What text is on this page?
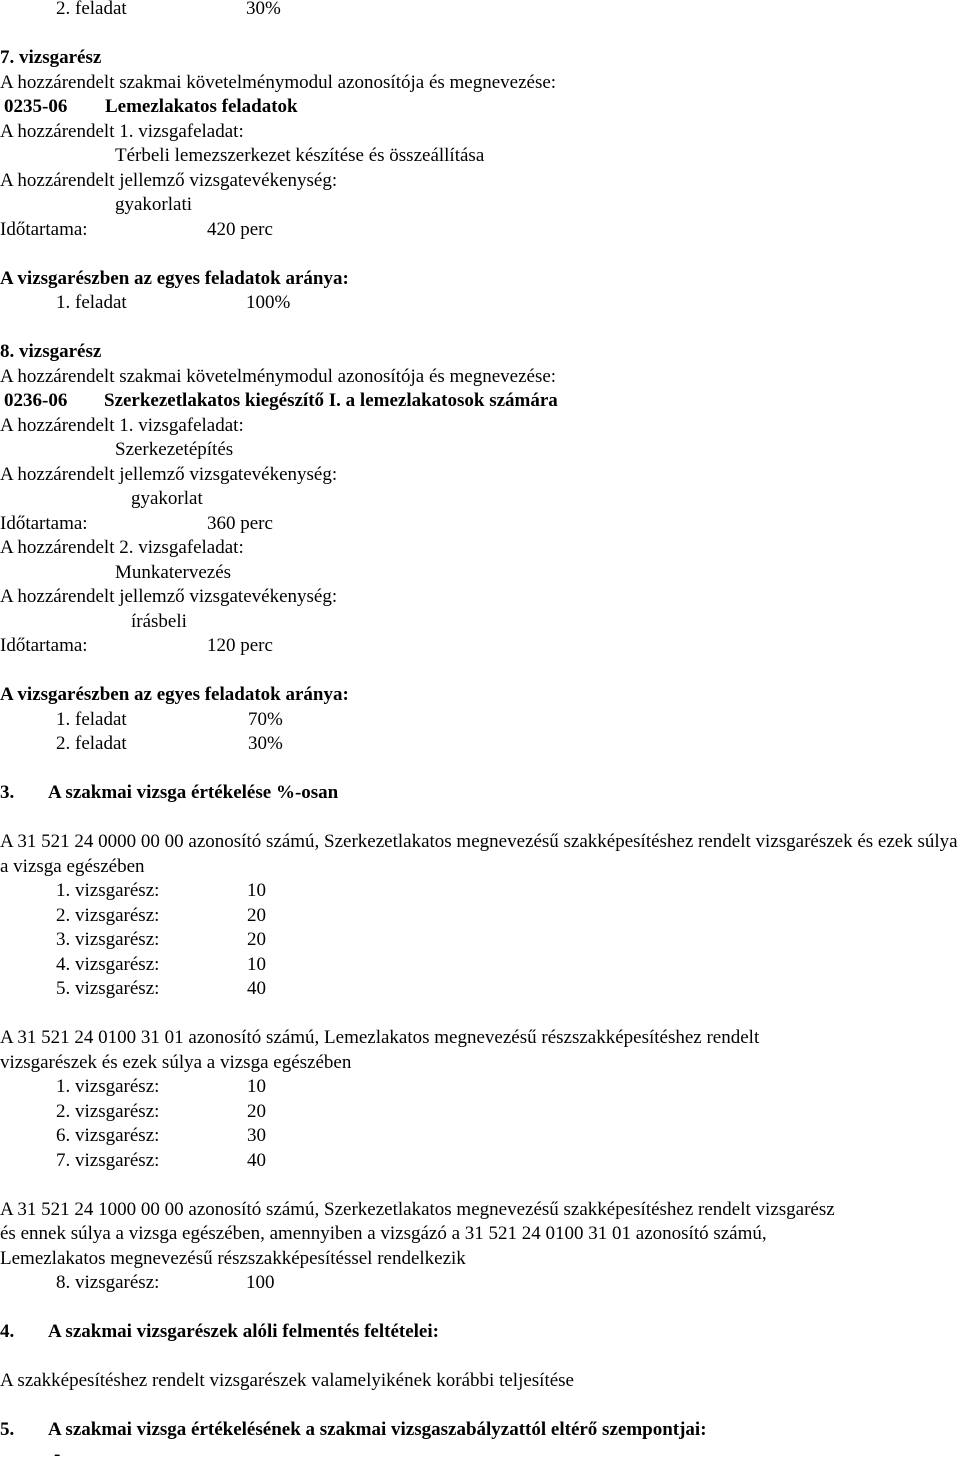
2. feladat	30%
7. vizsgarész
A hozzárendelt szakmai követelménymodul azonosítója és megnevezése:
0235-06 Lemezlakatos feladatok
A hozzárendelt 1. vizsgafeladat:
Térbeli lemezszerkezet készítése és összeállítása
A hozzárendelt jellemző vizsgatevékenység:
gyakorlati
Időtartama:	420 perc
A vizsgarészben az egyes feladatok aránya:
1. feladat	100%
8. vizsgarész
A hozzárendelt szakmai követelménymodul azonosítója és megnevezése:
0236-06 Szerkezetlakatos kiegészítő I. a lemezlakatosok számára
A hozzárendelt 1. vizsgafeladat:
Szerkezetépítés
A hozzárendelt jellemző vizsgatevékenység:
gyakorlat
Időtartama:	360 perc
A hozzárendelt 2. vizsgafeladat:
Munkatervezés
A hozzárendelt jellemző vizsgatevékenység:
írásbeli
Időtartama:	120 perc
A vizsgarészben az egyes feladatok aránya:
1. feladat	70%
2. feladat	30%
3. A szakmai vizsga értékelése %-osan
A 31 521 24 0000 00 00 azonosító számú, Szerkezetlakatos megnevezésű szakképesítéshez rendelt vizsgarészek és ezek súlya a vizsga egészében
1. vizsgarész:	10
2. vizsgarész:	20
3. vizsgarész:	20
4. vizsgarész:	10
5. vizsgarész:	40
A 31 521 24 0100 31 01 azonosító számú, Lemezlakatos megnevezésű részszakképesítéshez rendelt
vizsgarészek és ezek súlya a vizsga egészében
1. vizsgarész:	10
2. vizsgarész:	20
6. vizsgarész:	30
7. vizsgarész:	40
A 31 521 24 1000 00 00 azonosító számú, Szerkezetlakatos megnevezésű szakképesítéshez rendelt vizsgarész
és ennek súlya a vizsga egészében, amennyiben a vizsgázó a 31 521 24 0100 31 01 azonosító számú,
Lemezlakatos megnevezésű részszakképesítéssel rendelkezik
8. vizsgarész:	100
4. A szakmai vizsgarészek alóli felmentés feltételei:
A szakképesítéshez rendelt vizsgarészek valamelyikének korábbi teljesítése
5. A szakmai vizsga értékelésének a szakmai vizsgaszabályzattól eltérő szempontjai:
-
